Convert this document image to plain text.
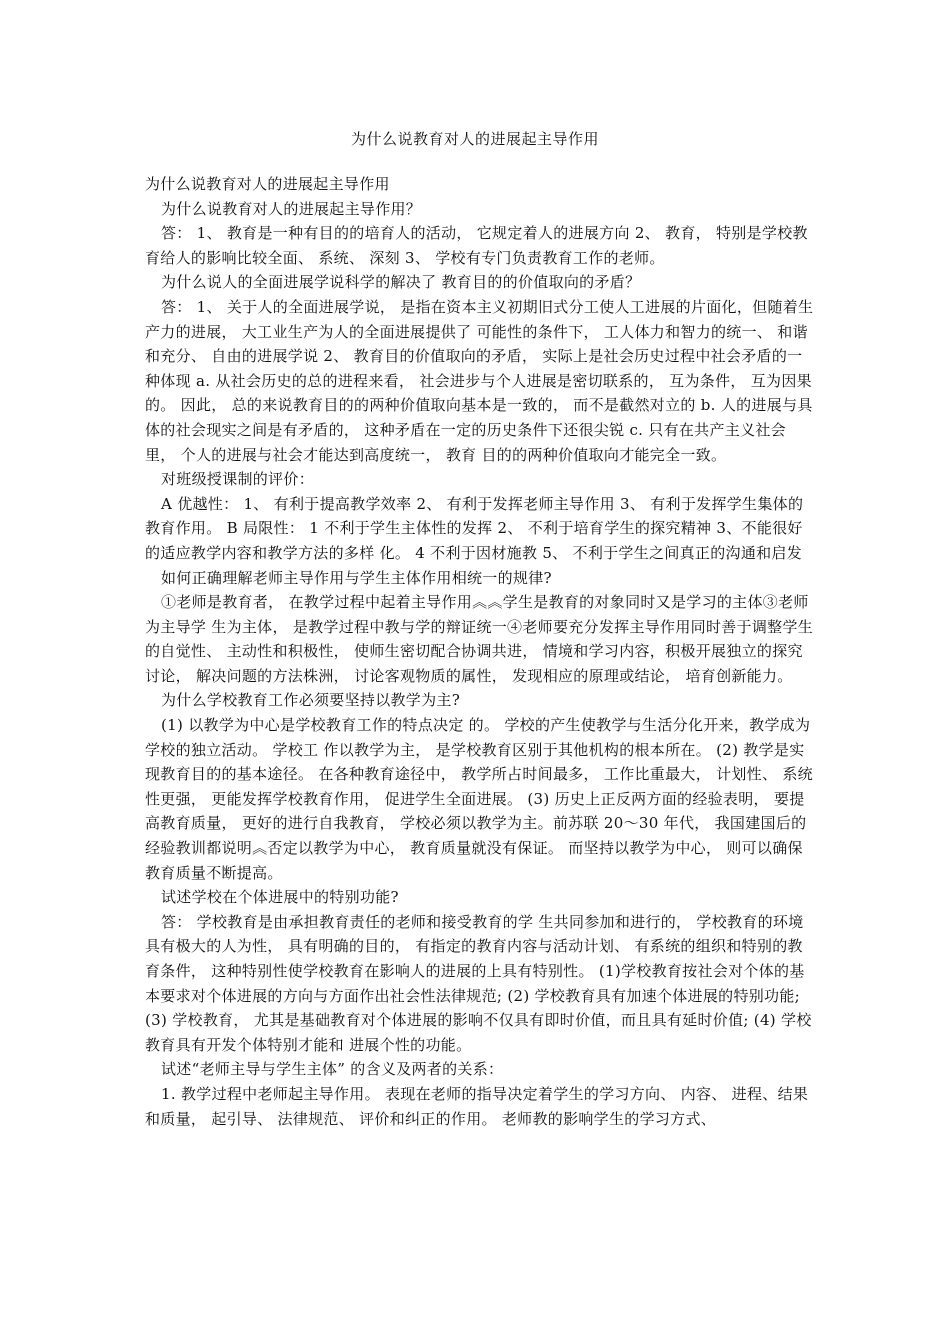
为什么说教育对人的进展起主导作用

为什么说教育对人的进展起主导作用

为什么说教育对人的进展起主导作用？

答： 1、 教育是一种有目的的培育人的活动， 它规定着人的进展方向 2、 教育， 特别是学校教育给人的影响比较全面、 系统、 深刻 3、 学校有专门负责教育工作的老师。

为什么说人的全面进展学说科学的解决了 教育目的的价值取向的矛盾？

答： 1、 关于人的全面进展学说， 是指在资本主义初期旧式分工使人工进展的片面化，但随着生产力的进展， 大工业生产为人的全面进展提供了 可能性的条件下， 工人体力和智力的统一、 和谐和充分、 自由的进展学说 2、 教育目的价值取向的矛盾， 实际上是社会历史过程中社会矛盾的一种体现 a. 从社会历史的总的进程来看， 社会进步与个人进展是密切联系的， 互为条件， 互为因果的。 因此， 总的来说教育目的的两种价值取向基本是一致的， 而不是截然对立的 b. 人的进展与具体的社会现实之间是有矛盾的， 这种矛盾在一定的历史条件下还很尖锐 c. 只有在共产主义社会里， 个人的进展与社会才能达到高度统一， 教育 目的的两种价值取向才能完全一致。

对班级授课制的评价：

A 优越性： 1、 有利于提高教学效率 2、 有利于发挥老师主导作用 3、 有利于发挥学生集体的教育作用。 B 局限性： 1 不利于学生主体性的发挥 2、 不利于培育学生的探究精神 3、不能很好的适应教学内容和教学方法的多样 化。 4 不利于因材施教 5、 不利于学生之间真正的沟通和启发

如何正确理解老师主导作用与学生主体作用相统一的规律?

①老师是教育者， 在教学过程中起着主导作用︽︽学生是教育的对象同时又是学习的主体③老师为主导学 生为主体， 是教学过程中教与学的辩证统一④老师要充分发挥主导作用同时善于调整学生的自觉性、 主动性和积极性， 使师生密切配合协调共进， 情境和学习内容，积极开展独立的探究讨论， 解决问题的方法株洲， 讨论客观物质的属性， 发现相应的原理或结论， 培育创新能力。

为什么学校教育工作必须要坚持以教学为主?

(1) 以教学为中心是学校教育工作的特点决定 的。 学校的产生使教学与生活分化开来，教学成为学校的独立活动。 学校工 作以教学为主， 是学校教育区别于其他机构的根本所在。 (2) 教学是实现教育目的的基本途径。 在各种教育途径中， 教学所占时间最多， 工作比重最大， 计划性、 系统性更强， 更能发挥学校教育作用， 促进学生全面进展。 (3) 历史上正反两方面的经验表明， 要提高教育质量， 更好的进行自我教育， 学校必须以教学为主。前苏联 20～30 年代， 我国建国后的经验教训都说明︽否定以教学为中心， 教育质量就没有保证。 而坚持以教学为中心， 则可以确保教育质量不断提高。

试述学校在个体进展中的特别功能?

答： 学校教育是由承担教育责任的老师和接受教育的学 生共同参加和进行的， 学校教育的环境具有极大的人为性， 具有明确的目的， 有指定的教育内容与活动计划、 有系统的组织和特别的教育条件， 这种特别性使学校教育在影响人的进展的上具有特别性。 (1)学校教育按社会对个体的基本要求对个体进展的方向与方面作出社会性法律规范; (2) 学校教育具有加速个体进展的特别功能; (3) 学校教育， 尤其是基础教育对个体进展的影响不仅具有即时价值，而且具有延时价值; (4) 学校教育具有开发个体特别才能和 进展个性的功能。

试述“老师主导与学生主体” 的含义及两者的关系：

1. 教学过程中老师起主导作用。 表现在老师的指导决定着学生的学习方向、 内容、 进程、结果和质量， 起引导、 法律规范、 评价和纠正的作用。 老师教的影响学生的学习方式、
